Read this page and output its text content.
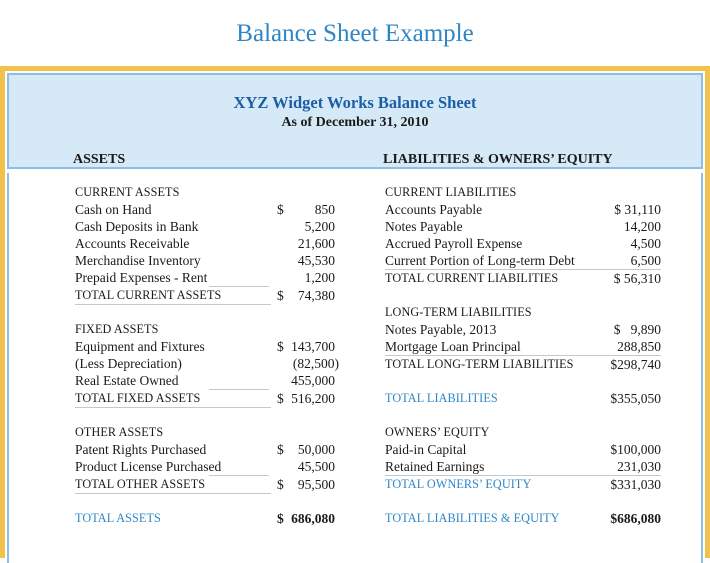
Balance Sheet Example
XYZ Widget Works Balance Sheet
As of December 31, 2010
ASSETS	LIABILITIES & OWNERS’ EQUITY
CURRENT ASSETS
Cash on Hand	$	850
Cash Deposits in Bank	5,200
Accounts Receivable	21,600
Merchandise Inventory	45,530
Prepaid Expenses - Rent	1,200
TOTAL CURRENT ASSETS	$	74,380
FIXED ASSETS
Equipment and Fixtures	$ 143,700
(Less Depreciation)	(82,500)
Real Estate Owned	455,000
TOTAL FIXED ASSETS	$ 516,200
OTHER ASSETS
Patent Rights Purchased	$	50,000
Product License Purchased	45,500
TOTAL OTHER ASSETS	$	95,500
TOTAL ASSETS	$ 686,080
CURRENT LIABILITIES
Accounts Payable	$ 31,110
Notes Payable	14,200
Accrued Payroll Expense	4,500
Current Portion of Long-term Debt	6,500
TOTAL CURRENT LIABILITIES	$ 56,310
LONG-TERM LIABILITIES
Notes Payable, 2013	$   9,890
Mortgage Loan Principal	288,850
TOTAL LONG-TERM LIABILITIES	$298,740
TOTAL LIABILITIES	$355,050
OWNERS’ EQUITY
Paid-in Capital	$100,000
Retained Earnings	231,030
TOTAL OWNERS’ EQUITY	$331,030
TOTAL LIABILITIES & EQUITY	$686,080
